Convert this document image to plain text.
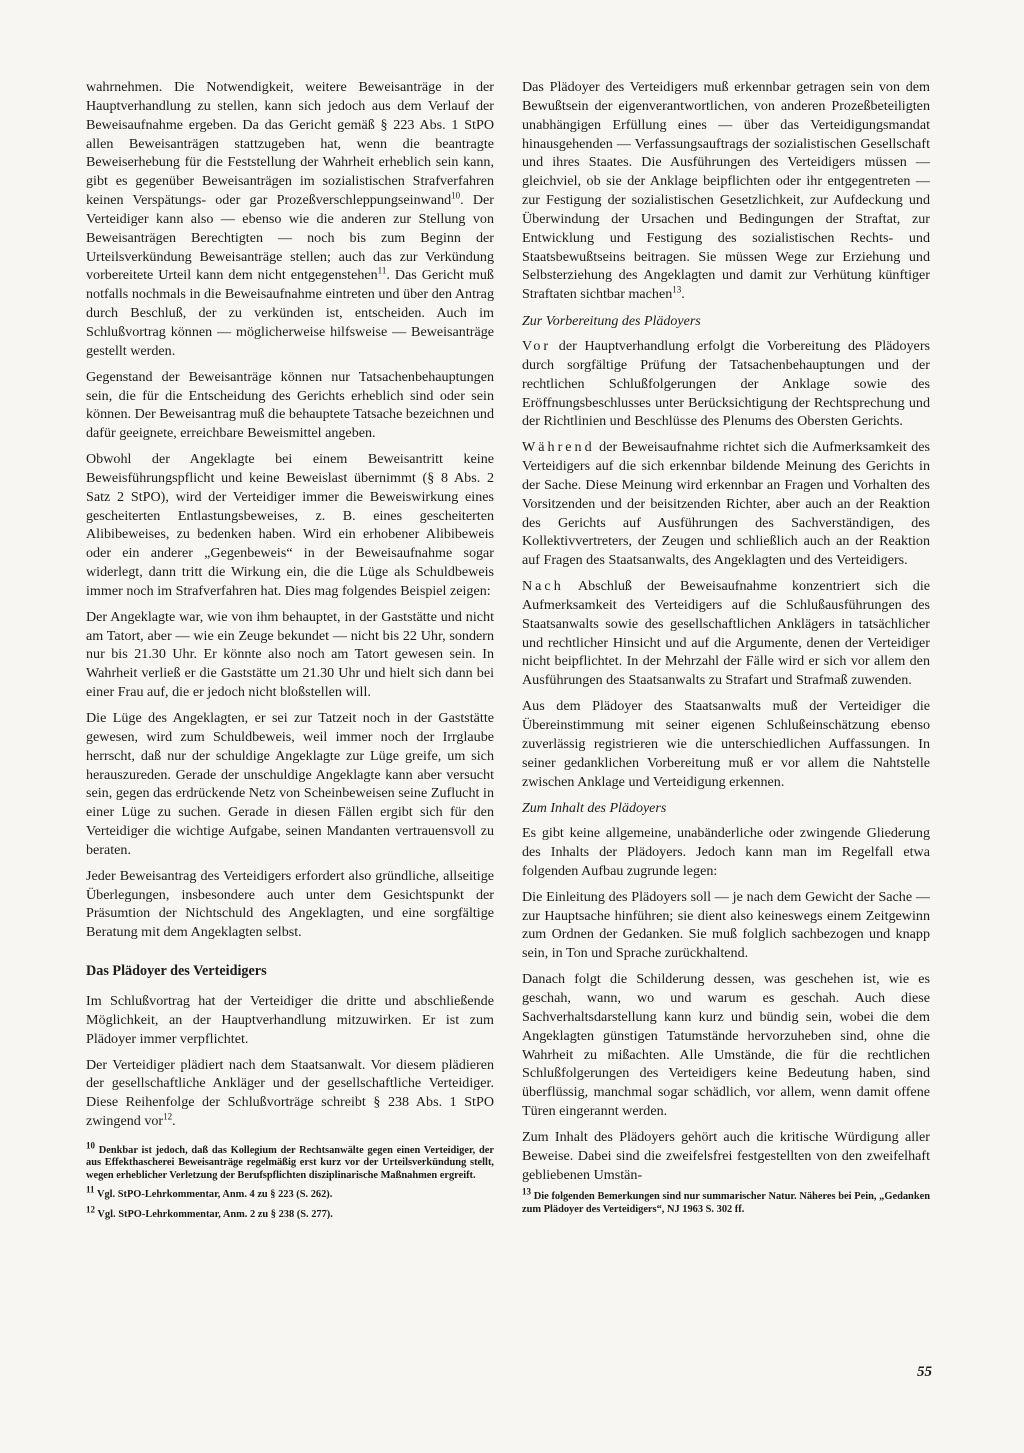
wahrnehmen. Die Notwendigkeit, weitere Beweisanträge in der Hauptverhandlung zu stellen, kann sich jedoch aus dem Verlauf der Beweisaufnahme ergeben. Da das Gericht gemäß § 223 Abs. 1 StPO allen Beweisanträgen stattzugeben hat, wenn die beantragte Beweiserhebung für die Feststellung der Wahrheit erheblich sein kann, gibt es gegenüber Beweisanträgen im sozialistischen Strafverfahren keinen Verspätungs- oder gar Prozeßverschleppungseinwand$^{10}$. Der Verteidiger kann also — ebenso wie die anderen zur Stellung von Beweisanträgen Berechtigten — noch bis zum Beginn der Urteilsverkündung Beweisanträge stellen; auch das zur Verkündung vorbereitete Urteil kann dem nicht entgegenstehen$^{11}$. Das Gericht muß notfalls nochmals in die Beweisaufnahme eintreten und über den Antrag durch Beschluß, der zu verkünden ist, entscheiden. Auch im Schlußvortrag können — möglicherweise hilfsweise — Beweisanträge gestellt werden.

Gegenstand der Beweisanträge können nur Tatsachenbehauptungen sein, die für die Entscheidung des Gerichts erheblich sind oder sein können. Der Beweisantrag muß die behauptete Tatsache bezeichnen und dafür geeignete, erreichbare Beweismittel angeben.

Obwohl der Angeklagte bei einem Beweisantritt keine Beweisführungspflicht und keine Beweislast übernimmt (§ 8 Abs. 2 Satz 2 StPO), wird der Verteidiger immer die Beweiswirkung eines gescheiterten Entlastungsbeweises, z. B. eines gescheiterten Alibibeweises, zu bedenken haben. Wird ein erhobener Alibibeweis oder ein anderer „Gegenbeweis“ in der Beweisaufnahme sogar widerlegt, dann tritt die Wirkung ein, die die Lüge als Schuldbeweis immer noch im Strafverfahren hat. Dies mag folgendes Beispiel zeigen:

Der Angeklagte war, wie von ihm behauptet, in der Gaststätte und nicht am Tatort, aber — wie ein Zeuge bekundet — nicht bis 22 Uhr, sondern nur bis 21.30 Uhr. Er könnte also noch am Tatort gewesen sein. In Wahrheit verließ er die Gaststätte um 21.30 Uhr und hielt sich dann bei einer Frau auf, die er jedoch nicht bloßstellen will.

Die Lüge des Angeklagten, er sei zur Tatzeit noch in der Gaststätte gewesen, wird zum Schuldbeweis, weil immer noch der Irrglaube herrscht, daß nur der schuldige Angeklagte zur Lüge greife, um sich herauszureden. Gerade der unschuldige Angeklagte kann aber versucht sein, gegen das erdrückende Netz von Scheinbeweisen seine Zuflucht in einer Lüge zu suchen. Gerade in diesen Fällen ergibt sich für den Verteidiger die wichtige Aufgabe, seinen Mandanten vertrauensvoll zu beraten.

Jeder Beweisantrag des Verteidigers erfordert also gründliche, allseitige Überlegungen, insbesondere auch unter dem Gesichtspunkt der Präsumtion der Nichtschuld des Angeklagten, und eine sorgfältige Beratung mit dem Angeklagten selbst.

Das Plädoyer des Verteidigers

Im Schlußvortrag hat der Verteidiger die dritte und abschließende Möglichkeit, an der Hauptverhandlung mitzuwirken. Er ist zum Plädoyer immer verpflichtet.

Der Verteidiger plädiert nach dem Staatsanwalt. Vor diesem plädieren der gesellschaftliche Ankläger und der gesellschaftliche Verteidiger. Diese Reihenfolge der Schlußvorträge schreibt § 238 Abs. 1 StPO zwingend vor$^{12}$.

$^{10}$ Denkbar ist jedoch, daß das Kollegium der Rechtsanwälte gegen einen Verteidiger, der aus Effekthascherei Beweisanträge regelmäßig erst kurz vor der Urteilsverkündung stellt, wegen erheblicher Verletzung der Berufspflichten disziplinarische Maßnahmen ergreift.

$^{11}$ Vgl. StPO-Lehrkommentar, Anm. 4 zu § 223 (S. 262).

$^{12}$ Vgl. StPO-Lehrkommentar, Anm. 2 zu § 238 (S. 277).

Das Plädoyer des Verteidigers muß erkennbar getragen sein von dem Bewußtsein der eigenverantwortlichen, von anderen Prozeßbeteiligten unabhängigen Erfüllung eines — über das Verteidigungsmandat hinausgehenden — Verfassungsauftrags der sozialistischen Gesellschaft und ihres Staates. Die Ausführungen des Verteidigers müssen — gleichviel, ob sie der Anklage beipflichten oder ihr entgegentreten — zur Festigung der sozialistischen Gesetzlichkeit, zur Aufdeckung und Überwindung der Ursachen und Bedingungen der Straftat, zur Entwicklung und Festigung des sozialistischen Rechts- und Staatsbewußtseins beitragen. Sie müssen Wege zur Erziehung und Selbsterziehung des Angeklagten und damit zur Verhütung künftiger Straftaten sichtbar machen$^{13}$.

Zur Vorbereitung des Plädoyers

Vor der Hauptverhandlung erfolgt die Vorbereitung des Plädoyers durch sorgfältige Prüfung der Tatsachenbehauptungen und der rechtlichen Schlußfolgerungen der Anklage sowie des Eröffnungsbeschlusses unter Berücksichtigung der Rechtsprechung und der Richtlinien und Beschlüsse des Plenums des Obersten Gerichts.

Während der Beweisaufnahme richtet sich die Aufmerksamkeit des Verteidigers auf die sich erkennbar bildende Meinung des Gerichts in der Sache. Diese Meinung wird erkennbar an Fragen und Vorhalten des Vorsitzenden und der beisitzenden Richter, aber auch an der Reaktion des Gerichts auf Ausführungen des Sachverständigen, des Kollektivvertreters, der Zeugen und schließlich auch an der Reaktion auf Fragen des Staatsanwalts, des Angeklagten und des Verteidigers.

Nach Abschluß der Beweisaufnahme konzentriert sich die Aufmerksamkeit des Verteidigers auf die Schlußausführungen des Staatsanwalts sowie des gesellschaftlichen Anklägers in tatsächlicher und rechtlicher Hinsicht und auf die Argumente, denen der Verteidiger nicht beipflichtet. In der Mehrzahl der Fälle wird er sich vor allem den Ausführungen des Staatsanwalts zu Strafart und Strafmaß zuwenden.

Aus dem Plädoyer des Staatsanwalts muß der Verteidiger die Übereinstimmung mit seiner eigenen Schlußeinschätzung ebenso zuverlässig registrieren wie die unterschiedlichen Auffassungen. In seiner gedanklichen Vorbereitung muß er vor allem die Nahtstelle zwischen Anklage und Verteidigung erkennen.

Zum Inhalt des Plädoyers

Es gibt keine allgemeine, unabänderliche oder zwingende Gliederung des Inhalts der Plädoyers. Jedoch kann man im Regelfall etwa folgenden Aufbau zugrunde legen:

Die Einleitung des Plädoyers soll — je nach dem Gewicht der Sache — zur Hauptsache hinführen; sie dient also keineswegs einem Zeitgewinn zum Ordnen der Gedanken. Sie muß folglich sachbezogen und knapp sein, in Ton und Sprache zurückhaltend.

Danach folgt die Schilderung dessen, was geschehen ist, wie es geschah, wann, wo und warum es geschah. Auch diese Sachverhaltsdarstellung kann kurz und bündig sein, wobei die dem Angeklagten günstigen Tatumstände hervorzuheben sind, ohne die Wahrheit zu mißachten. Alle Umstände, die für die rechtlichen Schlußfolgerungen des Verteidigers keine Bedeutung haben, sind überflüssig, manchmal sogar schädlich, vor allem, wenn damit offene Türen eingerannt werden.

Zum Inhalt des Plädoyers gehört auch die kritische Würdigung aller Beweise. Dabei sind die zweifelsfrei festgestellten von den zweifelhaft gebliebenen Umstän-

$^{13}$ Die folgenden Bemerkungen sind nur summarischer Natur. Näheres bei Pein, „Gedanken zum Plädoyer des Verteidigers“, NJ 1963 S. 302 ff.

55
